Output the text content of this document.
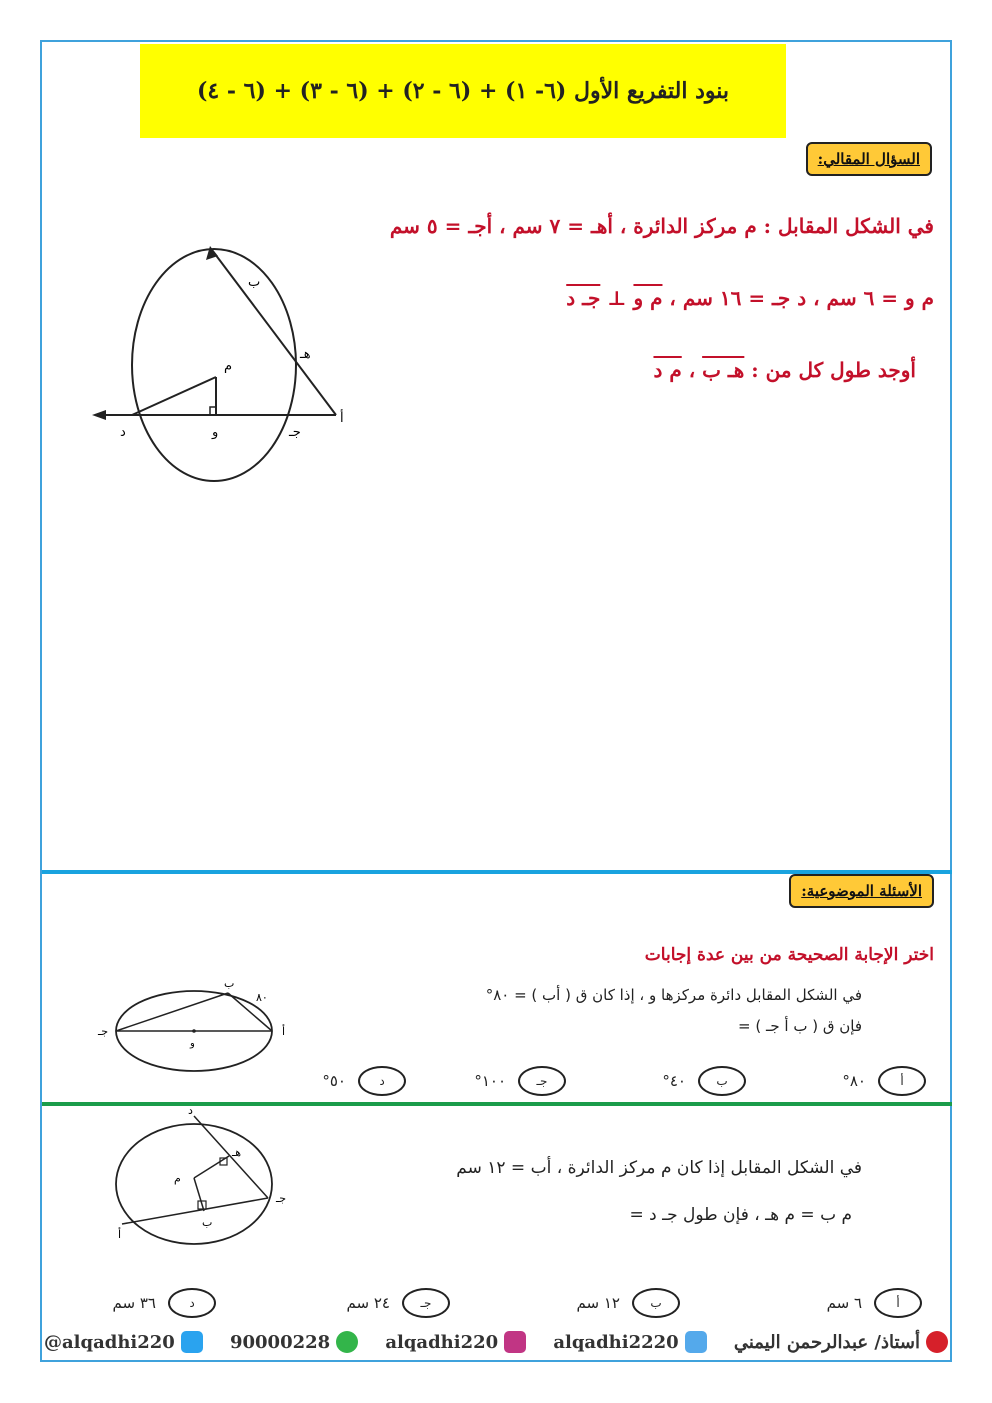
بنود التفريع الأول (٦- ١) + (٦ - ٢) + (٦ - ٣) + (٦ - ٤)
السؤال المقالي:
في الشكل المقابل : م مركز الدائرة ، أهـ = ٧ سم ، أجـ = ٥ سم
م و = ٦ سم ، د جـ = ١٦ سم ، م و ⊥ جـ د
أوجد طول كل من : هـ ب ، م د
ب
هـ
م
أ
جـ
و
د
الأسئلة الموضوعية:
اختر الإجابة الصحيحة من بين عدة إجابات
في الشكل المقابل دائرة مركزها و ، إذا كان ق ( أب ) = ٨٠°
فإن ق ( ب أ جـ ) =
ب
٨٠
أ
جـ
و
أ
٨٠°
ب
٤٠°
جـ
١٠٠°
د
٥٠°
في الشكل المقابل إذا كان م مركز الدائرة ، أب = ١٢ سم
م ب = م هـ ، فإن طول جـ د =
د
هـ
م
جـ
ب
أ
أ
٦ سم
ب
١٢ سم
جـ
٢٤ سم
د
٣٦ سم
@alqadhi220	90000228	alqadhi220	alqadhi2220	أستاذ/ عبدالرحمن اليمني
